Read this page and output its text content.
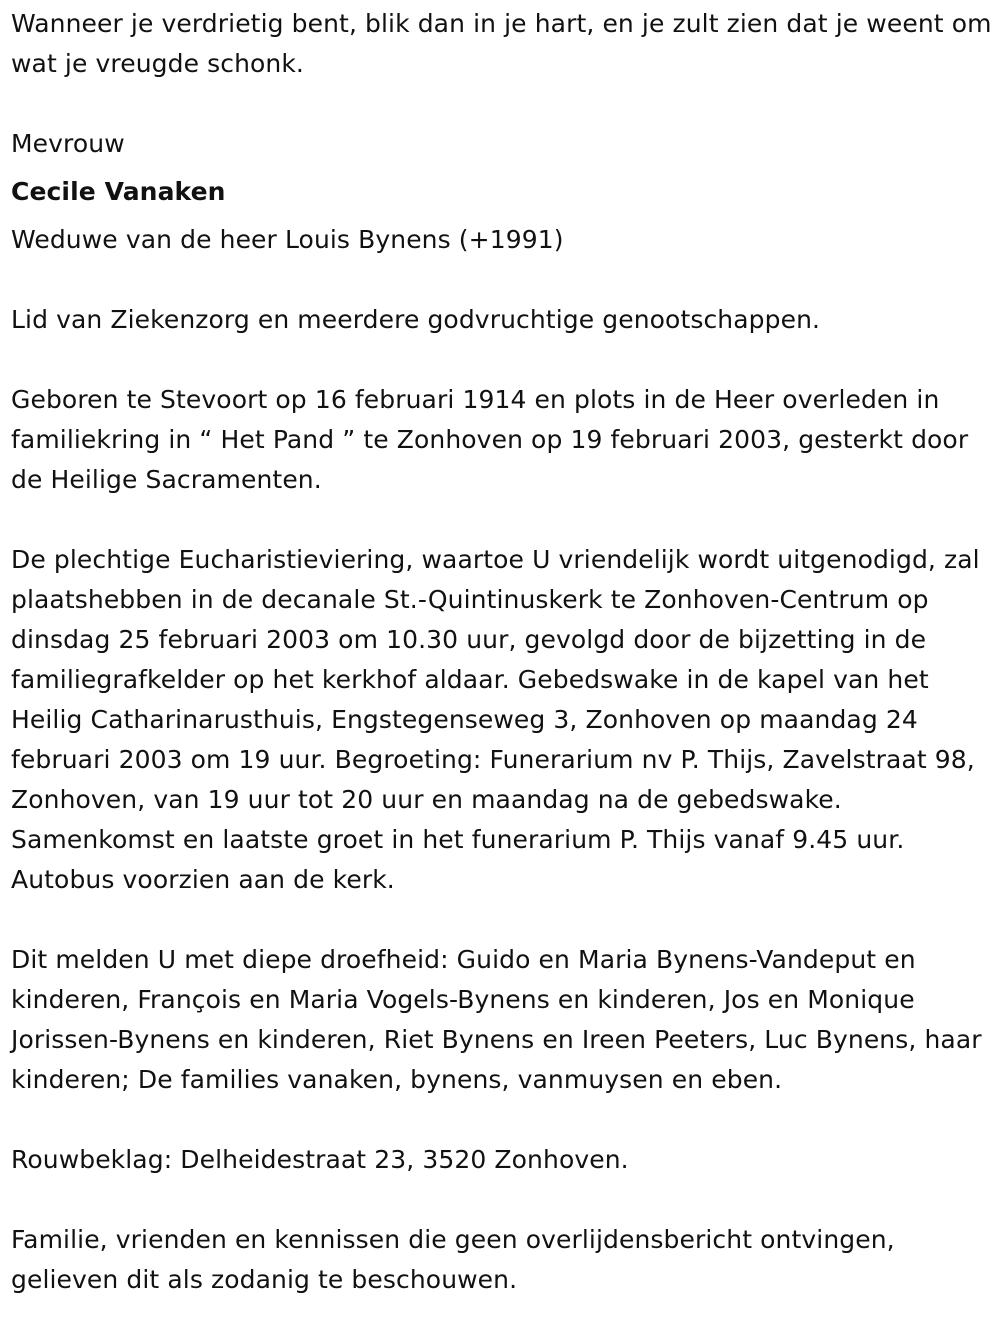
Wanneer je verdrietig bent, blik dan in je hart, en je zult zien dat je weent om wat je vreugde schonk.

Mevrouw

Cecile Vanaken

Weduwe van de heer Louis Bynens (+1991)

Lid van Ziekenzorg en meerdere godvruchtige genootschappen.

Geboren te Stevoort op 16 februari 1914 en plots in de Heer overleden in familiekring in “ Het Pand ” te Zonhoven op 19 februari 2003, gesterkt door de Heilige Sacramenten.

De plechtige Eucharistieviering, waartoe U vriendelijk wordt uitgenodigd, zal plaatshebben in de decanale St.-Quintinuskerk te Zonhoven-Centrum op dinsdag 25 februari 2003 om 10.30 uur, gevolgd door de bijzetting in de familiegrafkelder op het kerkhof aldaar. Gebedswake in de kapel van het Heilig Catharinarusthuis, Engstegenseweg 3, Zonhoven op maandag 24 februari 2003 om 19 uur. Begroeting: Funerarium nv P. Thijs, Zavelstraat 98, Zonhoven, van 19 uur tot 20 uur en maandag na de gebedswake. Samenkomst en laatste groet in het funerarium P. Thijs vanaf 9.45 uur. Autobus voorzien aan de kerk.

Dit melden U met diepe droefheid: Guido en Maria Bynens-Vandeput en kinderen, François en Maria Vogels-Bynens en kinderen, Jos en Monique Jorissen-Bynens en kinderen, Riet Bynens en Ireen Peeters, Luc Bynens, haar kinderen; De families vanaken, bynens, vanmuysen en eben.

Rouwbeklag: Delheidestraat 23, 3520 Zonhoven.

Familie, vrienden en kennissen die geen overlijdensbericht ontvingen, gelieven dit als zodanig te beschouwen.
